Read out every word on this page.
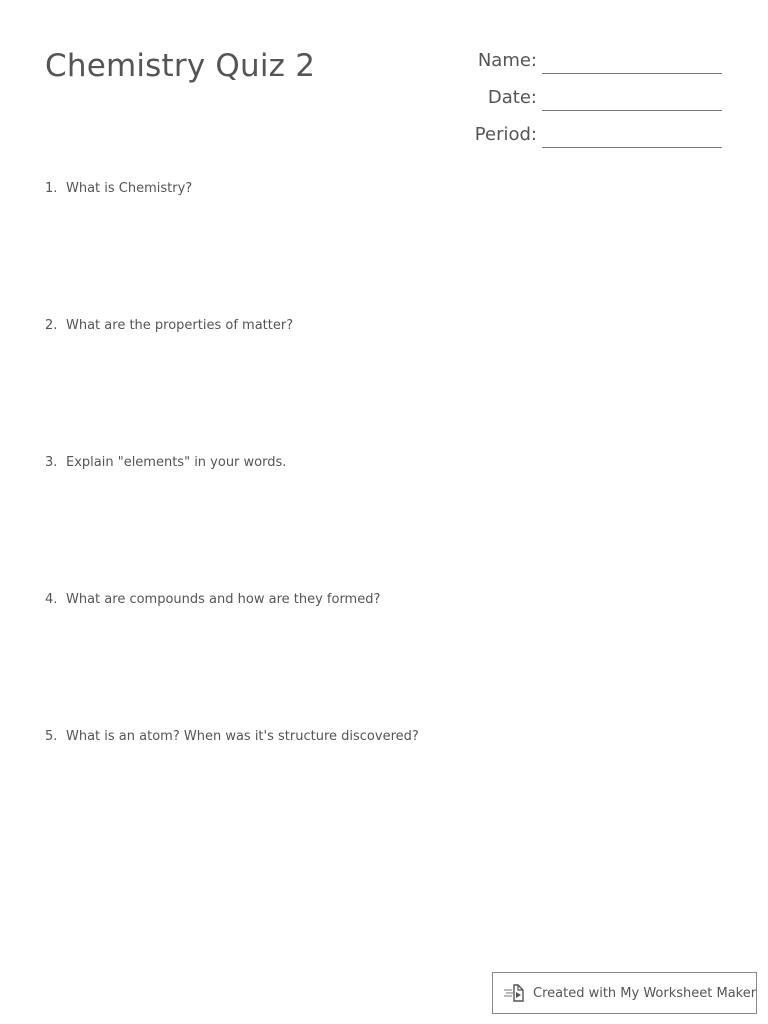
Chemistry Quiz 2	Name:
Date:
Period:
1. What is Chemistry?
2. What are the properties of matter?
3. Explain "elements" in your words.
4. What are compounds and how are they formed?
5. What is an atom? When was it's structure discovered?
Created with My Worksheet Maker
